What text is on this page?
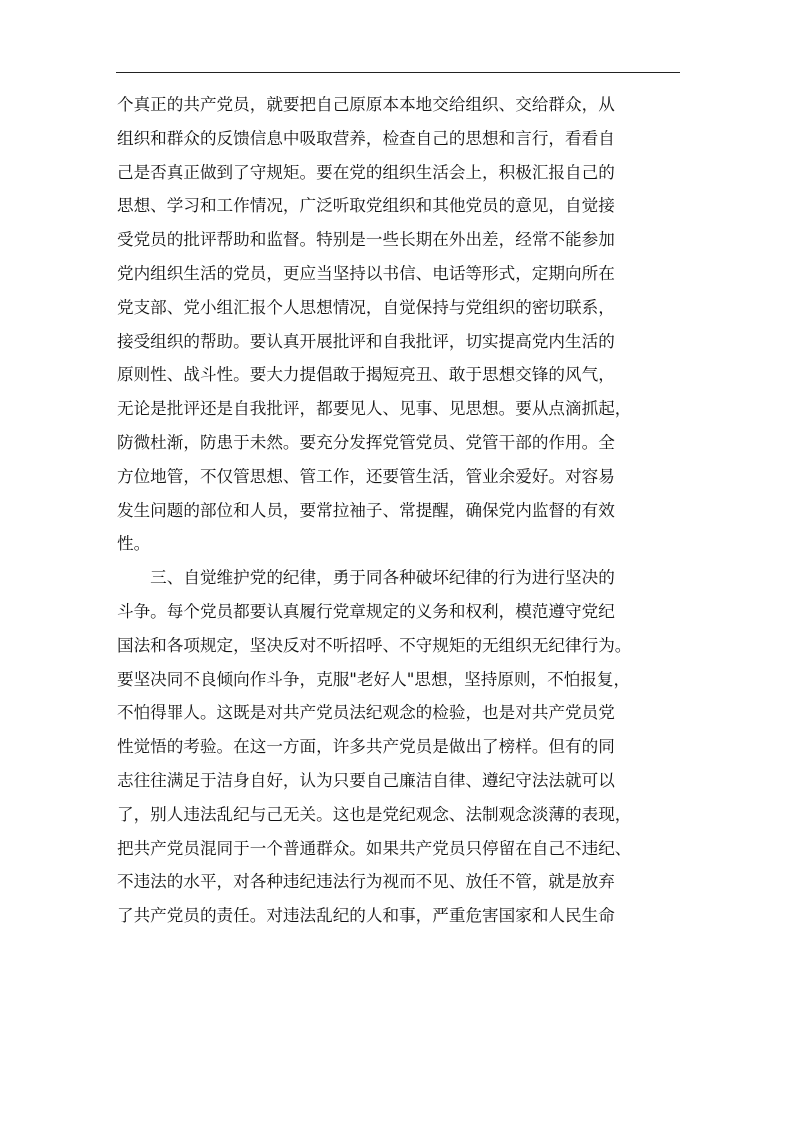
个真正的共产党员，就要把自己原原本本地交给组织、交给群众，从
组织和群众的反馈信息中吸取营养，检查自己的思想和言行，看看自
己是否真正做到了守规矩。要在党的组织生活会上，积极汇报自己的
思想、学习和工作情况，广泛听取党组织和其他党员的意见，自觉接
受党员的批评帮助和监督。特别是一些长期在外出差，经常不能参加
党内组织生活的党员，更应当坚持以书信、电话等形式，定期向所在
党支部、党小组汇报个人思想情况，自觉保持与党组织的密切联系，
接受组织的帮助。要认真开展批评和自我批评，切实提高党内生活的
原则性、战斗性。要大力提倡敢于揭短亮丑、敢于思想交锋的风气，
无论是批评还是自我批评，都要见人、见事、见思想。要从点滴抓起，
防微杜渐，防患于未然。要充分发挥党管党员、党管干部的作用。全
方位地管，不仅管思想、管工作，还要管生活，管业余爱好。对容易
发生问题的部位和人员，要常拉袖子、常提醒，确保党内监督的有效
性。
　　三、自觉维护党的纪律，勇于同各种破坏纪律的行为进行坚决的
斗争。每个党员都要认真履行党章规定的义务和权利，模范遵守党纪
国法和各项规定，坚决反对不听招呼、不守规矩的无组织无纪律行为。
要坚决同不良倾向作斗争，克服"老好人"思想，坚持原则，不怕报复，
不怕得罪人。这既是对共产党员法纪观念的检验，也是对共产党员党
性觉悟的考验。在这一方面，许多共产党员是做出了榜样。但有的同
志往往满足于洁身自好，认为只要自己廉洁自律、遵纪守法法就可以
了，别人违法乱纪与己无关。这也是党纪观念、法制观念淡薄的表现，
把共产党员混同于一个普通群众。如果共产党员只停留在自己不违纪、
不违法的水平，对各种违纪违法行为视而不见、放任不管，就是放弃
了共产党员的责任。对违法乱纪的人和事，严重危害国家和人民生命
